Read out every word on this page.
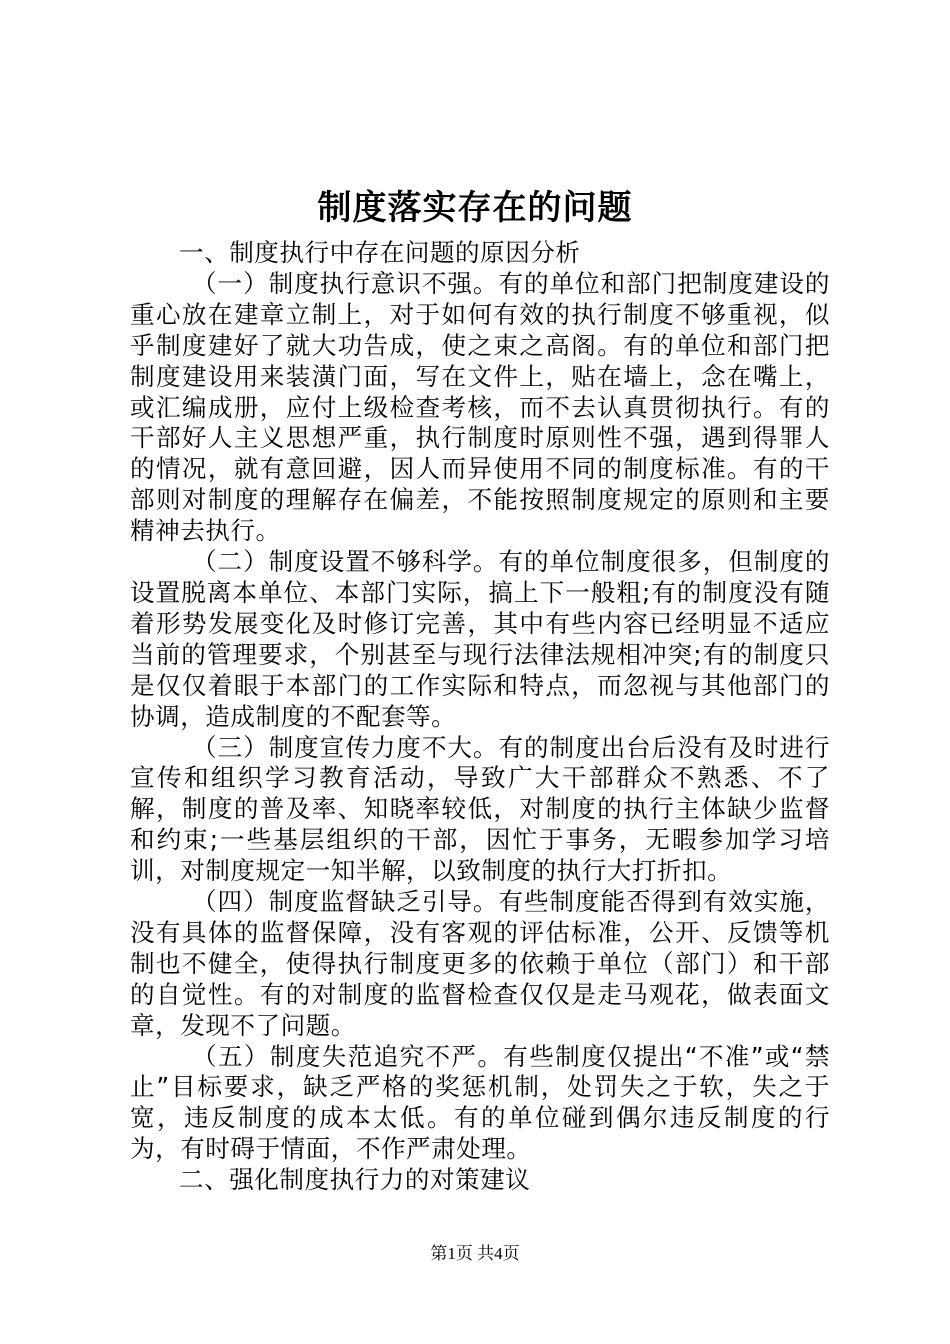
制度落实存在的问题

一、制度执行中存在问题的原因分析

（一）制度执行意识不强。有的单位和部门把制度建设的重心放在建章立制上，对于如何有效的执行制度不够重视，似乎制度建好了就大功告成，使之束之高阁。有的单位和部门把制度建设用来装潢门面，写在文件上，贴在墙上，念在嘴上，或汇编成册，应付上级检查考核，而不去认真贯彻执行。有的干部好人主义思想严重，执行制度时原则性不强，遇到得罪人的情况，就有意回避，因人而异使用不同的制度标准。有的干部则对制度的理解存在偏差，不能按照制度规定的原则和主要精神去执行。

（二）制度设置不够科学。有的单位制度很多，但制度的设置脱离本单位、本部门实际，搞上下一般粗;有的制度没有随着形势发展变化及时修订完善，其中有些内容已经明显不适应当前的管理要求，个别甚至与现行法律法规相冲突;有的制度只是仅仅着眼于本部门的工作实际和特点，而忽视与其他部门的协调，造成制度的不配套等。

（三）制度宣传力度不大。有的制度出台后没有及时进行宣传和组织学习教育活动，导致广大干部群众不熟悉、不了解，制度的普及率、知晓率较低，对制度的执行主体缺少监督和约束;一些基层组织的干部，因忙于事务，无暇参加学习培训，对制度规定一知半解，以致制度的执行大打折扣。

（四）制度监督缺乏引导。有些制度能否得到有效实施，没有具体的监督保障，没有客观的评估标准，公开、反馈等机制也不健全，使得执行制度更多的依赖于单位（部门）和干部的自觉性。有的对制度的监督检查仅仅是走马观花，做表面文章，发现不了问题。

（五）制度失范追究不严。有些制度仅提出“不准”或“禁止”目标要求，缺乏严格的奖惩机制，处罚失之于软，失之于宽，违反制度的成本太低。有的单位碰到偶尔违反制度的行为，有时碍于情面，不作严肃处理。

二、强化制度执行力的对策建议

第1页 共4页
